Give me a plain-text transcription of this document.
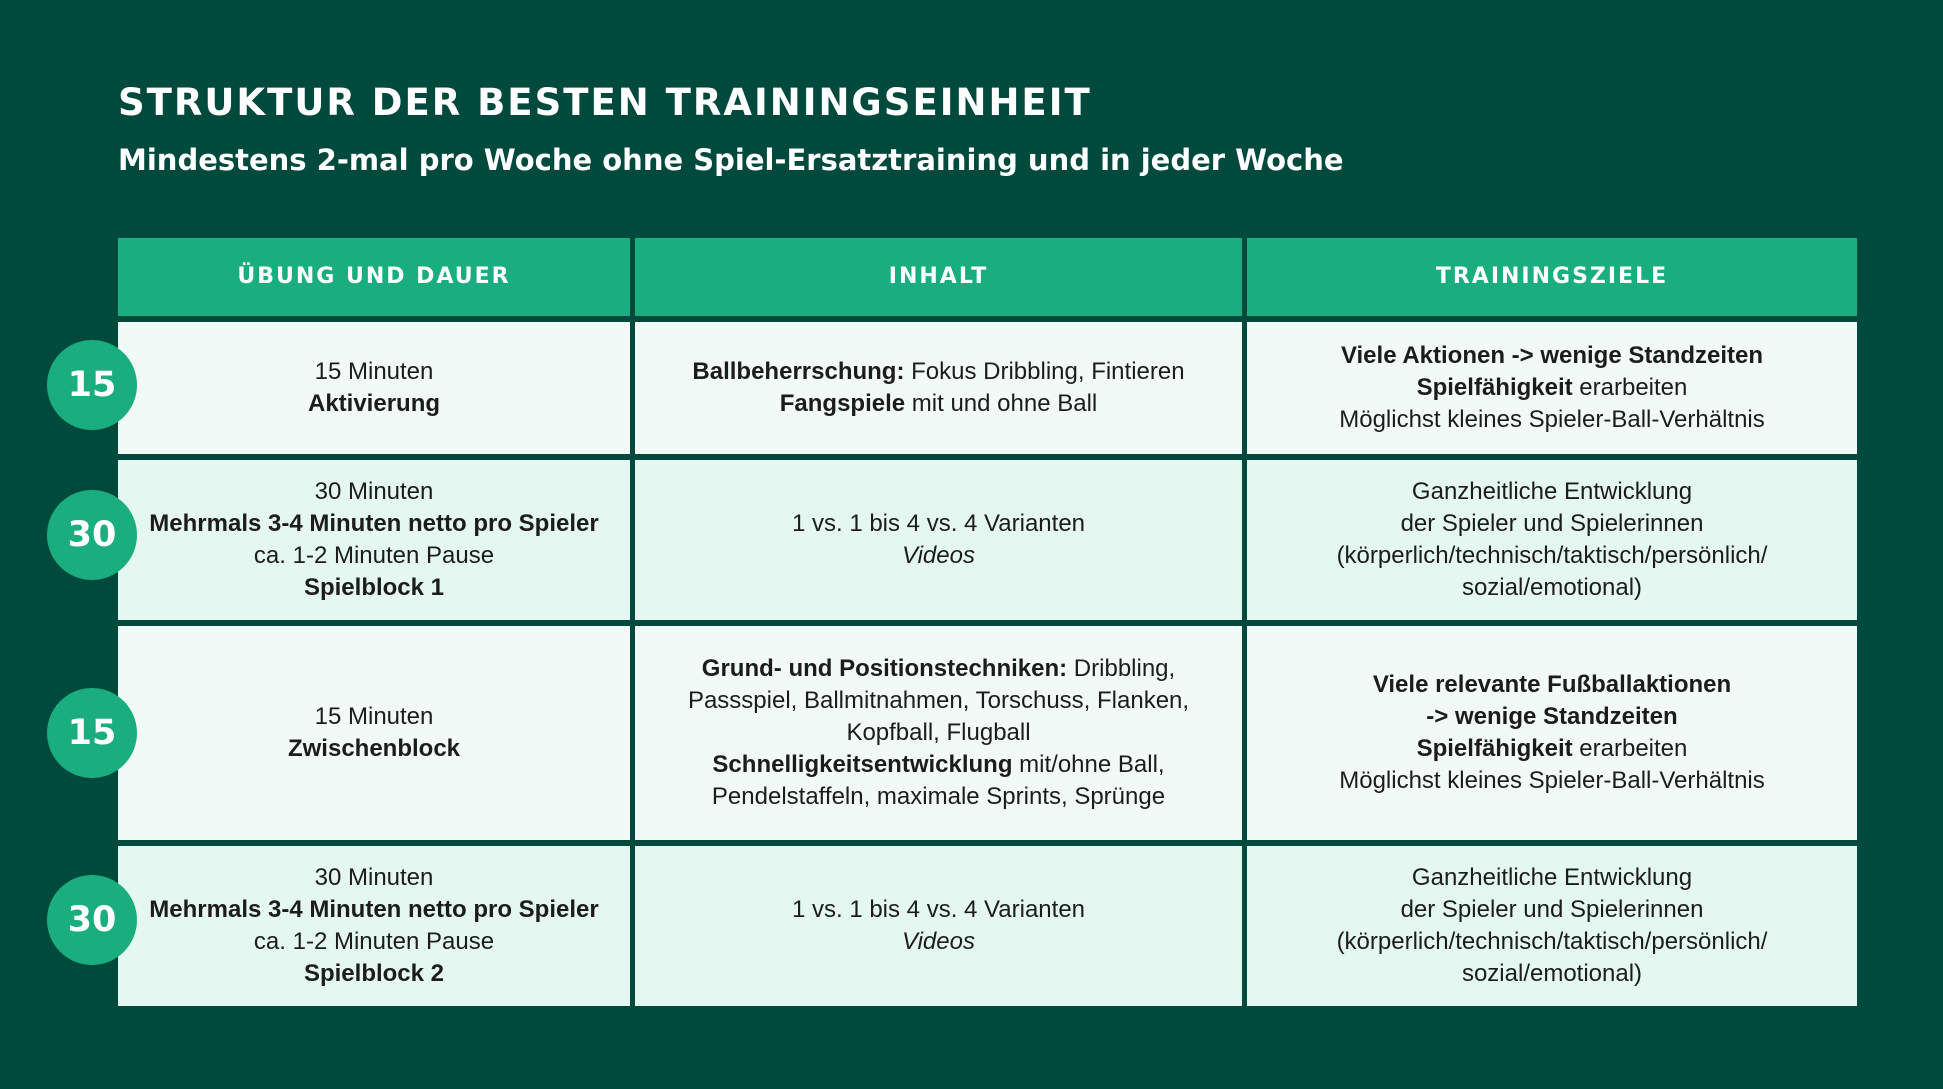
STRUKTUR DER BESTEN TRAININGSEINHEIT
Mindestens 2-mal pro Woche ohne Spiel-Ersatztraining und in jeder Woche
ÜBUNG UND DAUER	INHALT	TRAININGSZIELE
15 Minuten
Aktivierung
Ballbeherrschung: Fokus Dribbling, Fintieren
Fangspiele mit und ohne Ball
Viele Aktionen -> wenige Standzeiten
Spielfähigkeit erarbeiten
Möglichst kleines Spieler-Ball-Verhältnis
30 Minuten
Mehrmals 3-4 Minuten netto pro Spieler
ca. 1-2 Minuten Pause
Spielblock 1
1 vs. 1 bis 4 vs. 4 Varianten
Videos
Ganzheitliche Entwicklung
der Spieler und Spielerinnen
(körperlich/technisch/taktisch/persönlich/
sozial/emotional)
15 Minuten
Zwischenblock
Grund- und Positionstechniken: Dribbling,
Passspiel, Ballmitnahmen, Torschuss, Flanken,
Kopfball, Flugball
Schnelligkeitsentwicklung mit/ohne Ball,
Pendelstaffeln, maximale Sprints, Sprünge
Viele relevante Fußballaktionen
-> wenige Standzeiten
Spielfähigkeit erarbeiten
Möglichst kleines Spieler-Ball-Verhältnis
30 Minuten
Mehrmals 3-4 Minuten netto pro Spieler
ca. 1-2 Minuten Pause
Spielblock 2
1 vs. 1 bis 4 vs. 4 Varianten
Videos
Ganzheitliche Entwicklung
der Spieler und Spielerinnen
(körperlich/technisch/taktisch/persönlich/
sozial/emotional)
15
30
15
30
